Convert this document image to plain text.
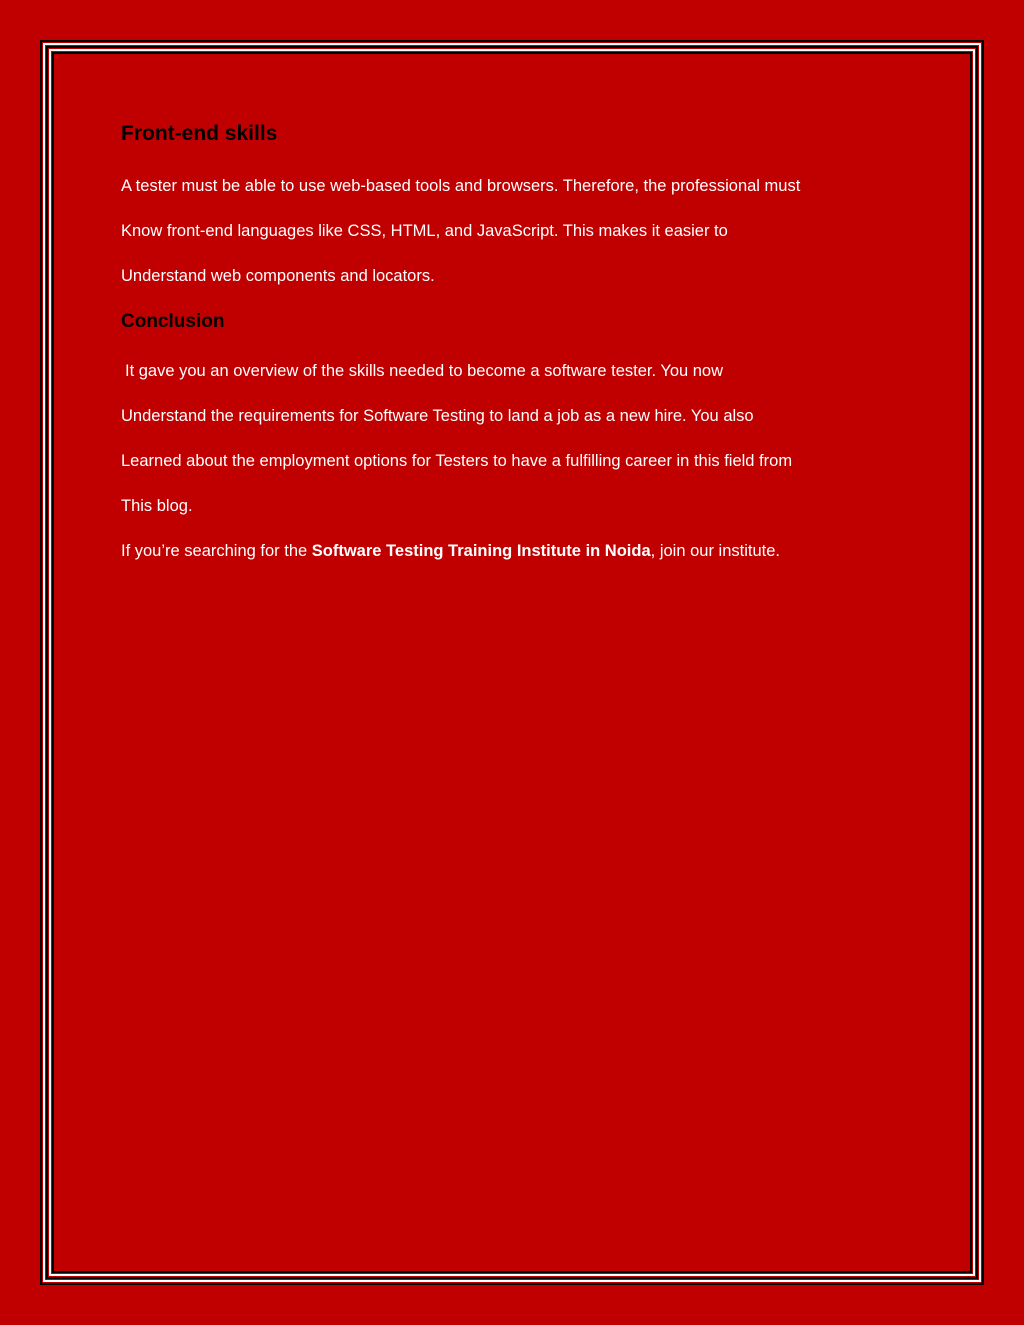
Front-end skills

A tester must be able to use web-based tools and browsers. Therefore, the professional must

Know front-end languages like CSS, HTML, and JavaScript. This makes it easier to

Understand web components and locators.

Conclusion

It gave you an overview of the skills needed to become a software tester. You now

Understand the requirements for Software Testing to land a job as a new hire. You also

Learned about the employment options for Testers to have a fulfilling career in this field from

This blog.

If you’re searching for the Software Testing Training Institute in Noida, join our institute.
